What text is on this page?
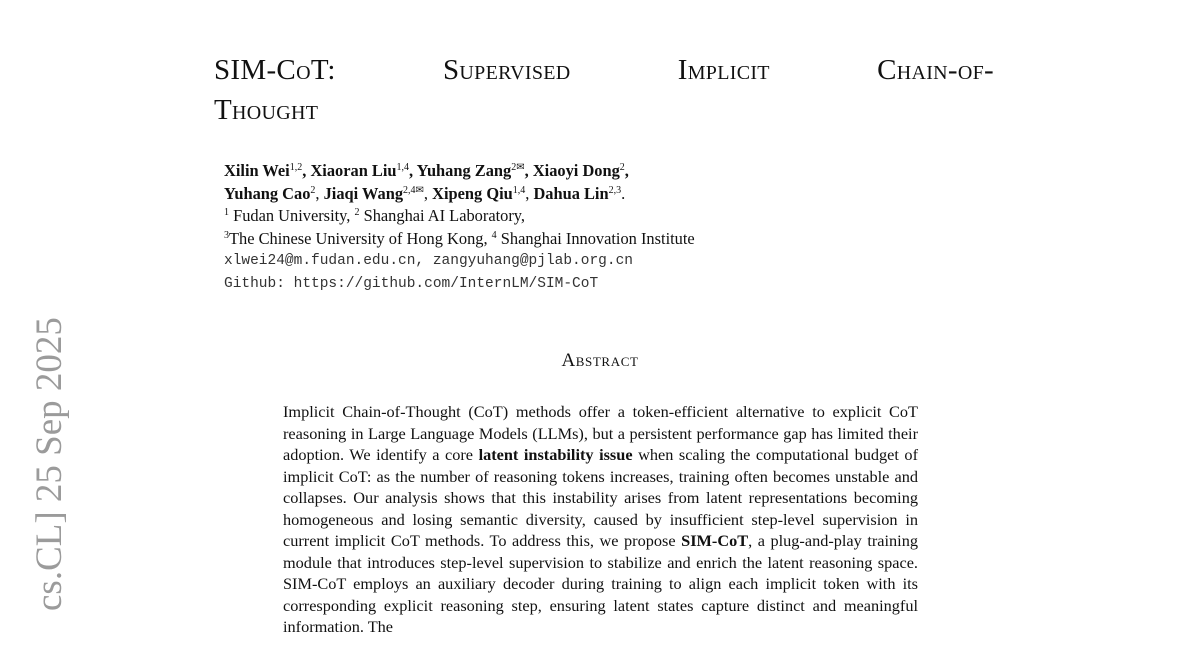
cs.CL] 25 Sep 2025
SIM-CoT:	Supervised	Implicit	Chain-of-
Thought
Xilin Wei$^{1,2}$, Xiaoran Liu$^{1,4}$, Yuhang Zang$^{2✉}$, Xiaoyi Dong$^2$,
Yuhang Cao$^2$, Jiaqi Wang$^{2,4✉}$, Xipeng Qiu$^{1,4}$, Dahua Lin$^{2,3}$.
$^1$ Fudan University, $^2$ Shanghai AI Laboratory,
$^3$The Chinese University of Hong Kong, $^4$ Shanghai Innovation Institute
xlwei24@m.fudan.edu.cn, zangyuhang@pjlab.org.cn
Github: https://github.com/InternLM/SIM-CoT
Abstract
Implicit Chain-of-Thought (CoT) methods offer a token-efficient alternative to explicit CoT reasoning in Large Language Models (LLMs), but a persistent performance gap has limited their adoption. We identify a core latent instability issue when scaling the computational budget of implicit CoT: as the number of reasoning tokens increases, training often becomes unstable and collapses. Our analysis shows that this instability arises from latent representations becoming homogeneous and losing semantic diversity, caused by insufficient step-level supervision in current implicit CoT methods. To address this, we propose SIM-CoT, a plug-and-play training module that introduces step-level supervision to stabilize and enrich the latent reasoning space. SIM-CoT employs an auxiliary decoder during training to align each implicit token with its corresponding explicit reasoning step, ensuring latent states capture distinct and meaningful information. The
